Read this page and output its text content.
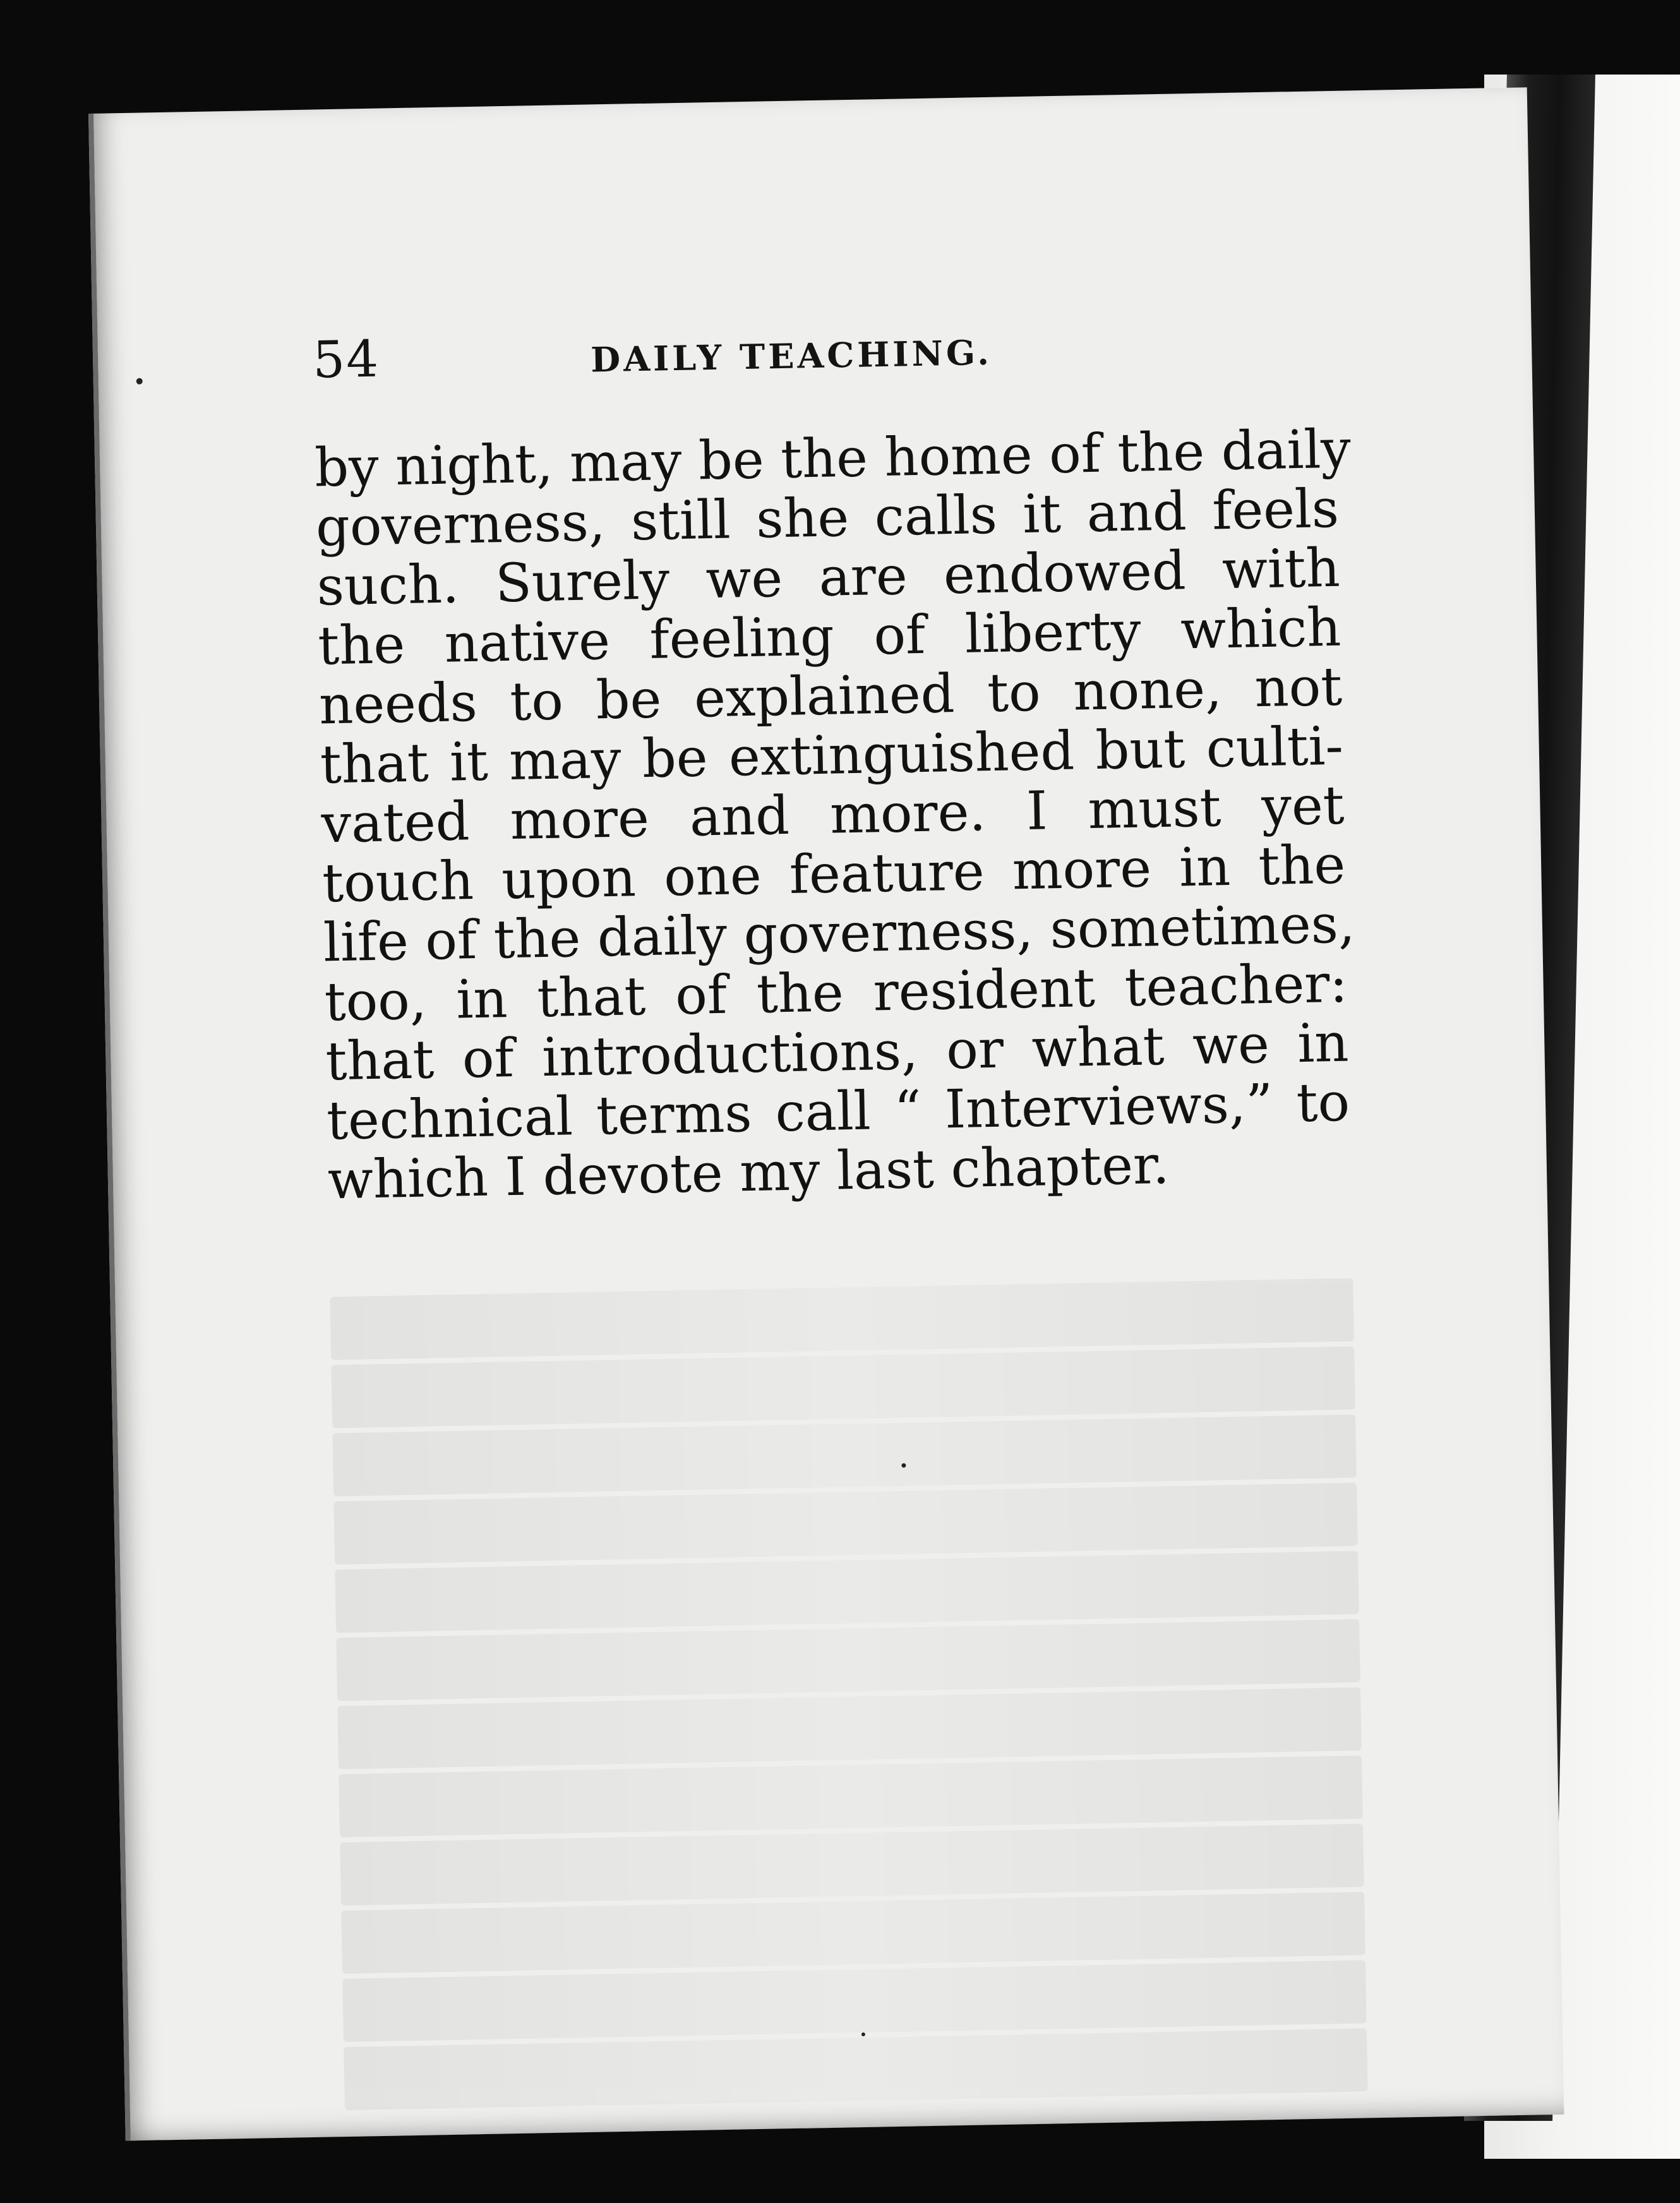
54	DAILY TEACHING.
by night, may be the home of the daily
governess, still she calls it and feels
such. Surely we are endowed with
the native feeling of liberty which
needs to be explained to none, not
that it may be extinguished but culti-
vated more and more. I must yet
touch upon one feature more in the
life of the daily governess, sometimes,
too, in that of the resident teacher:
that of introductions, or what we in
technical terms call “ Interviews,” to
which I devote my last chapter.
